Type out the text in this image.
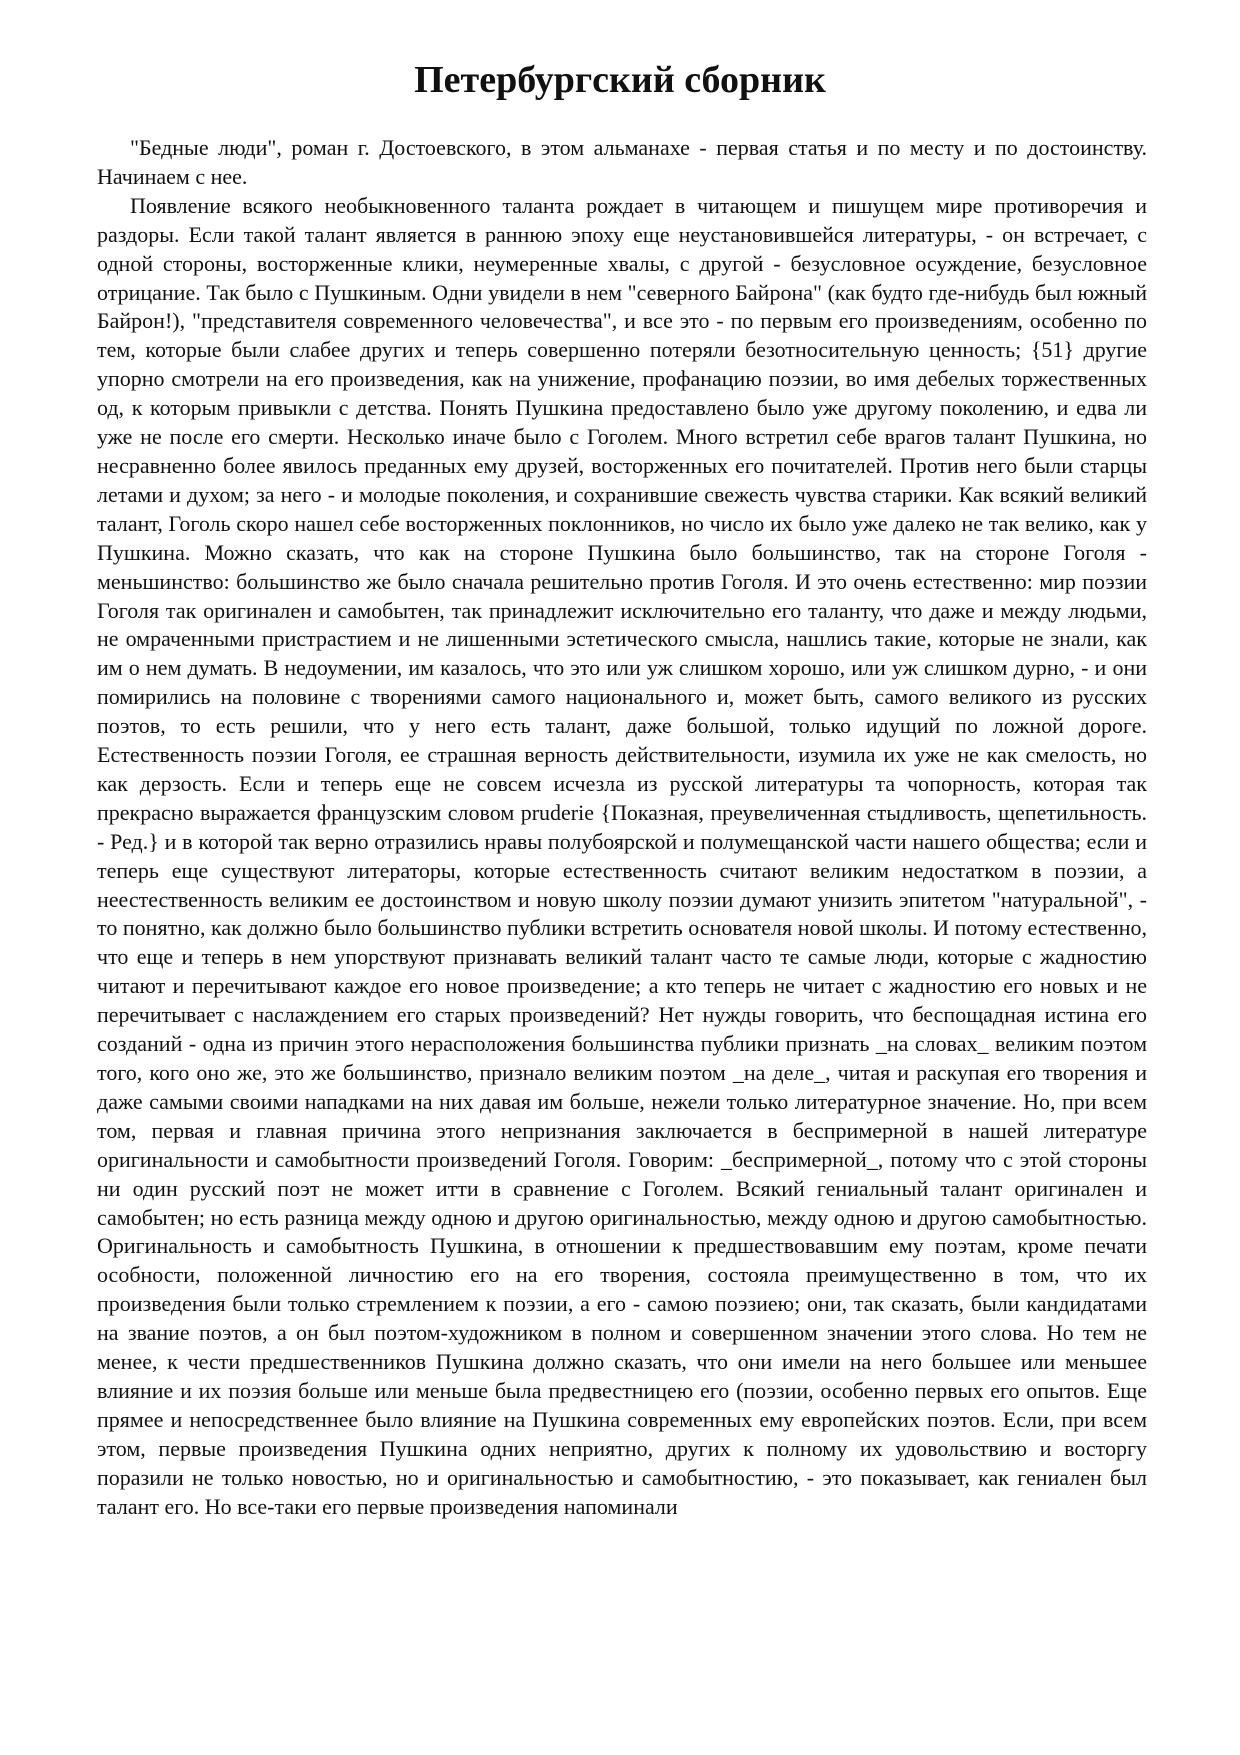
Петербургский сборник

"Бедные люди", роман г. Достоевского, в этом альманахе - первая статья и по месту и по достоинству. Начинаем с нее.

Появление всякого необыкновенного таланта рождает в читающем и пишущем мире противоречия и раздоры. Если такой талант является в раннюю эпоху еще неустановившейся литературы, - он встречает, с одной стороны, восторженные клики, неумеренные хвалы, с другой - безусловное осуждение, безусловное отрицание. Так было с Пушкиным. Одни увидели в нем "северного Байрона" (как будто где-нибудь был южный Байрон!), "представителя современного человечества", и все это - по первым его произведениям, особенно по тем, которые были слабее других и теперь совершенно потеряли безотносительную ценность; {51} другие упорно смотрели на его произведения, как на унижение, профанацию поэзии, во имя дебелых торжественных од, к которым привыкли с детства. Понять Пушкина предоставлено было уже другому поколению, и едва ли уже не после его смерти. Несколько иначе было с Гоголем. Много встретил себе врагов талант Пушкина, но несравненно более явилось преданных ему друзей, восторженных его почитателей. Против него были старцы летами и духом; за него - и молодые поколения, и сохранившие свежесть чувства старики. Как всякий великий талант, Гоголь скоро нашел себе восторженных поклонников, но число их было уже далеко не так велико, как у Пушкина. Можно сказать, что как на стороне Пушкина было большинство, так на стороне Гоголя - меньшинство: большинство же было сначала решительно против Гоголя. И это очень естественно: мир поэзии Гоголя так оригинален и самобытен, так принадлежит исключительно его таланту, что даже и между людьми, не омраченными пристрастием и не лишенными эстетического смысла, нашлись такие, которые не знали, как им о нем думать. В недоумении, им казалось, что это или уж слишком хорошо, или уж слишком дурно, - и они помирились на половине с творениями самого национального и, может быть, самого великого из русских поэтов, то есть решили, что у него есть талант, даже большой, только идущий по ложной дороге. Естественность поэзии Гоголя, ее страшная верность действительности, изумила их уже не как смелость, но как дерзость. Если и теперь еще не совсем исчезла из русской литературы та чопорность, которая так прекрасно выражается французским словом pruderie {Показная, преувеличенная стыдливость, щепетильность. - Ред.} и в которой так верно отразились нравы полубоярской и полумещанской части нашего общества; если и теперь еще существуют литераторы, которые естественность считают великим недостатком в поэзии, а неестественность великим ее достоинством и новую школу поэзии думают унизить эпитетом "натуральной", - то понятно, как должно было большинство публики встретить основателя новой школы. И потому естественно, что еще и теперь в нем упорствуют признавать великий талант часто те самые люди, которые с жадностию читают и перечитывают каждое его новое произведение; а кто теперь не читает с жадностию его новых и не перечитывает с наслаждением его старых произведений? Нет нужды говорить, что беспощадная истина его созданий - одна из причин этого нерасположения большинства публики признать _на словах_ великим поэтом того, кого оно же, это же большинство, признало великим поэтом _на деле_, читая и раскупая его творения и даже самыми своими нападками на них давая им больше, нежели только литературное значение. Но, при всем том, первая и главная причина этого непризнания заключается в беспримерной в нашей литературе оригинальности и самобытности произведений Гоголя. Говорим: _беспримерной_, потому что с этой стороны ни один русский поэт не может итти в сравнение с Гоголем. Всякий гениальный талант оригинален и самобытен; но есть разница между одною и другою оригинальностью, между одною и другою самобытностью. Оригинальность и самобытность Пушкина, в отношении к предшествовавшим ему поэтам, кроме печати особности, положенной личностию его на его творения, состояла преимущественно в том, что их произведения были только стремлением к поэзии, а его - самою поэзиею; они, так сказать, были кандидатами на звание поэтов, а он был поэтом-художником в полном и совершенном значении этого слова. Но тем не менее, к чести предшественников Пушкина должно сказать, что они имели на него большее или меньшее влияние и их поэзия больше или меньше была предвестницею его (поэзии, особенно первых его опытов. Еще прямее и непосредственнее было влияние на Пушкина современных ему европейских поэтов. Если, при всем этом, первые произведения Пушкина одних неприятно, других к полному их удовольствию и восторгу поразили не только новостью, но и оригинальностью и самобытностию, - это показывает, как гениален был талант его. Но все-таки его первые произведения напоминали
